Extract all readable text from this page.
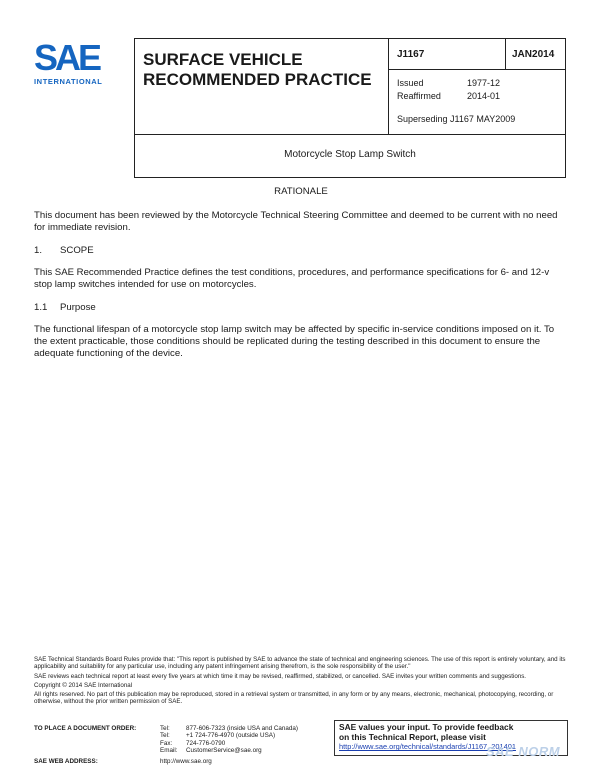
SAE
INTERNATIONAL
SURFACE VEHICLE RECOMMENDED PRACTICE
J1167	JAN2014
Issued	1977-12
Reaffirmed	2014-01
Superseding J1167 MAY2009
Motorcycle Stop Lamp Switch
RATIONALE

This document has been reviewed by the Motorcycle Technical Steering Committee and deemed to be current with no need for immediate revision.

1. SCOPE

This SAE Recommended Practice defines the test conditions, procedures, and performance specifications for 6- and 12-v stop lamp switches intended for use on motorcycles.

1.1 Purpose

The functional lifespan of a motorcycle stop lamp switch may be affected by specific in-service conditions imposed on it. To the extent practicable, those conditions should be replicated during the testing described in this document to ensure the adequate functioning of the device.

SAE Technical Standards Board Rules provide that: "This report is published by SAE to advance the state of technical and engineering sciences. The use of this report is entirely voluntary, and its applicability and suitability for any particular use, including any patent infringement arising therefrom, is the sole responsibility of the user."

SAE reviews each technical report at least every five years at which time it may be revised, reaffirmed, stabilized, or cancelled. SAE invites your written comments and suggestions.

Copyright © 2014 SAE International

All rights reserved. No part of this publication may be reproduced, stored in a retrieval system or transmitted, in any form or by any means, electronic, mechanical, photocopying, recording, or otherwise, without the prior written permission of SAE.

TO PLACE A DOCUMENT ORDER:	Tel:	877-606-7323 (inside USA and Canada)
Tel:	+1 724-776-4970 (outside USA)
Fax: 724-776-0790
Email: CustomerService@sae.org
SAE WEB ADDRESS:	http://www.sae.org
SAE values your input. To provide feedback
on this Technical Report, please visit
http://www.sae.org/technical/standards/J1167_201401
SAE NORM
